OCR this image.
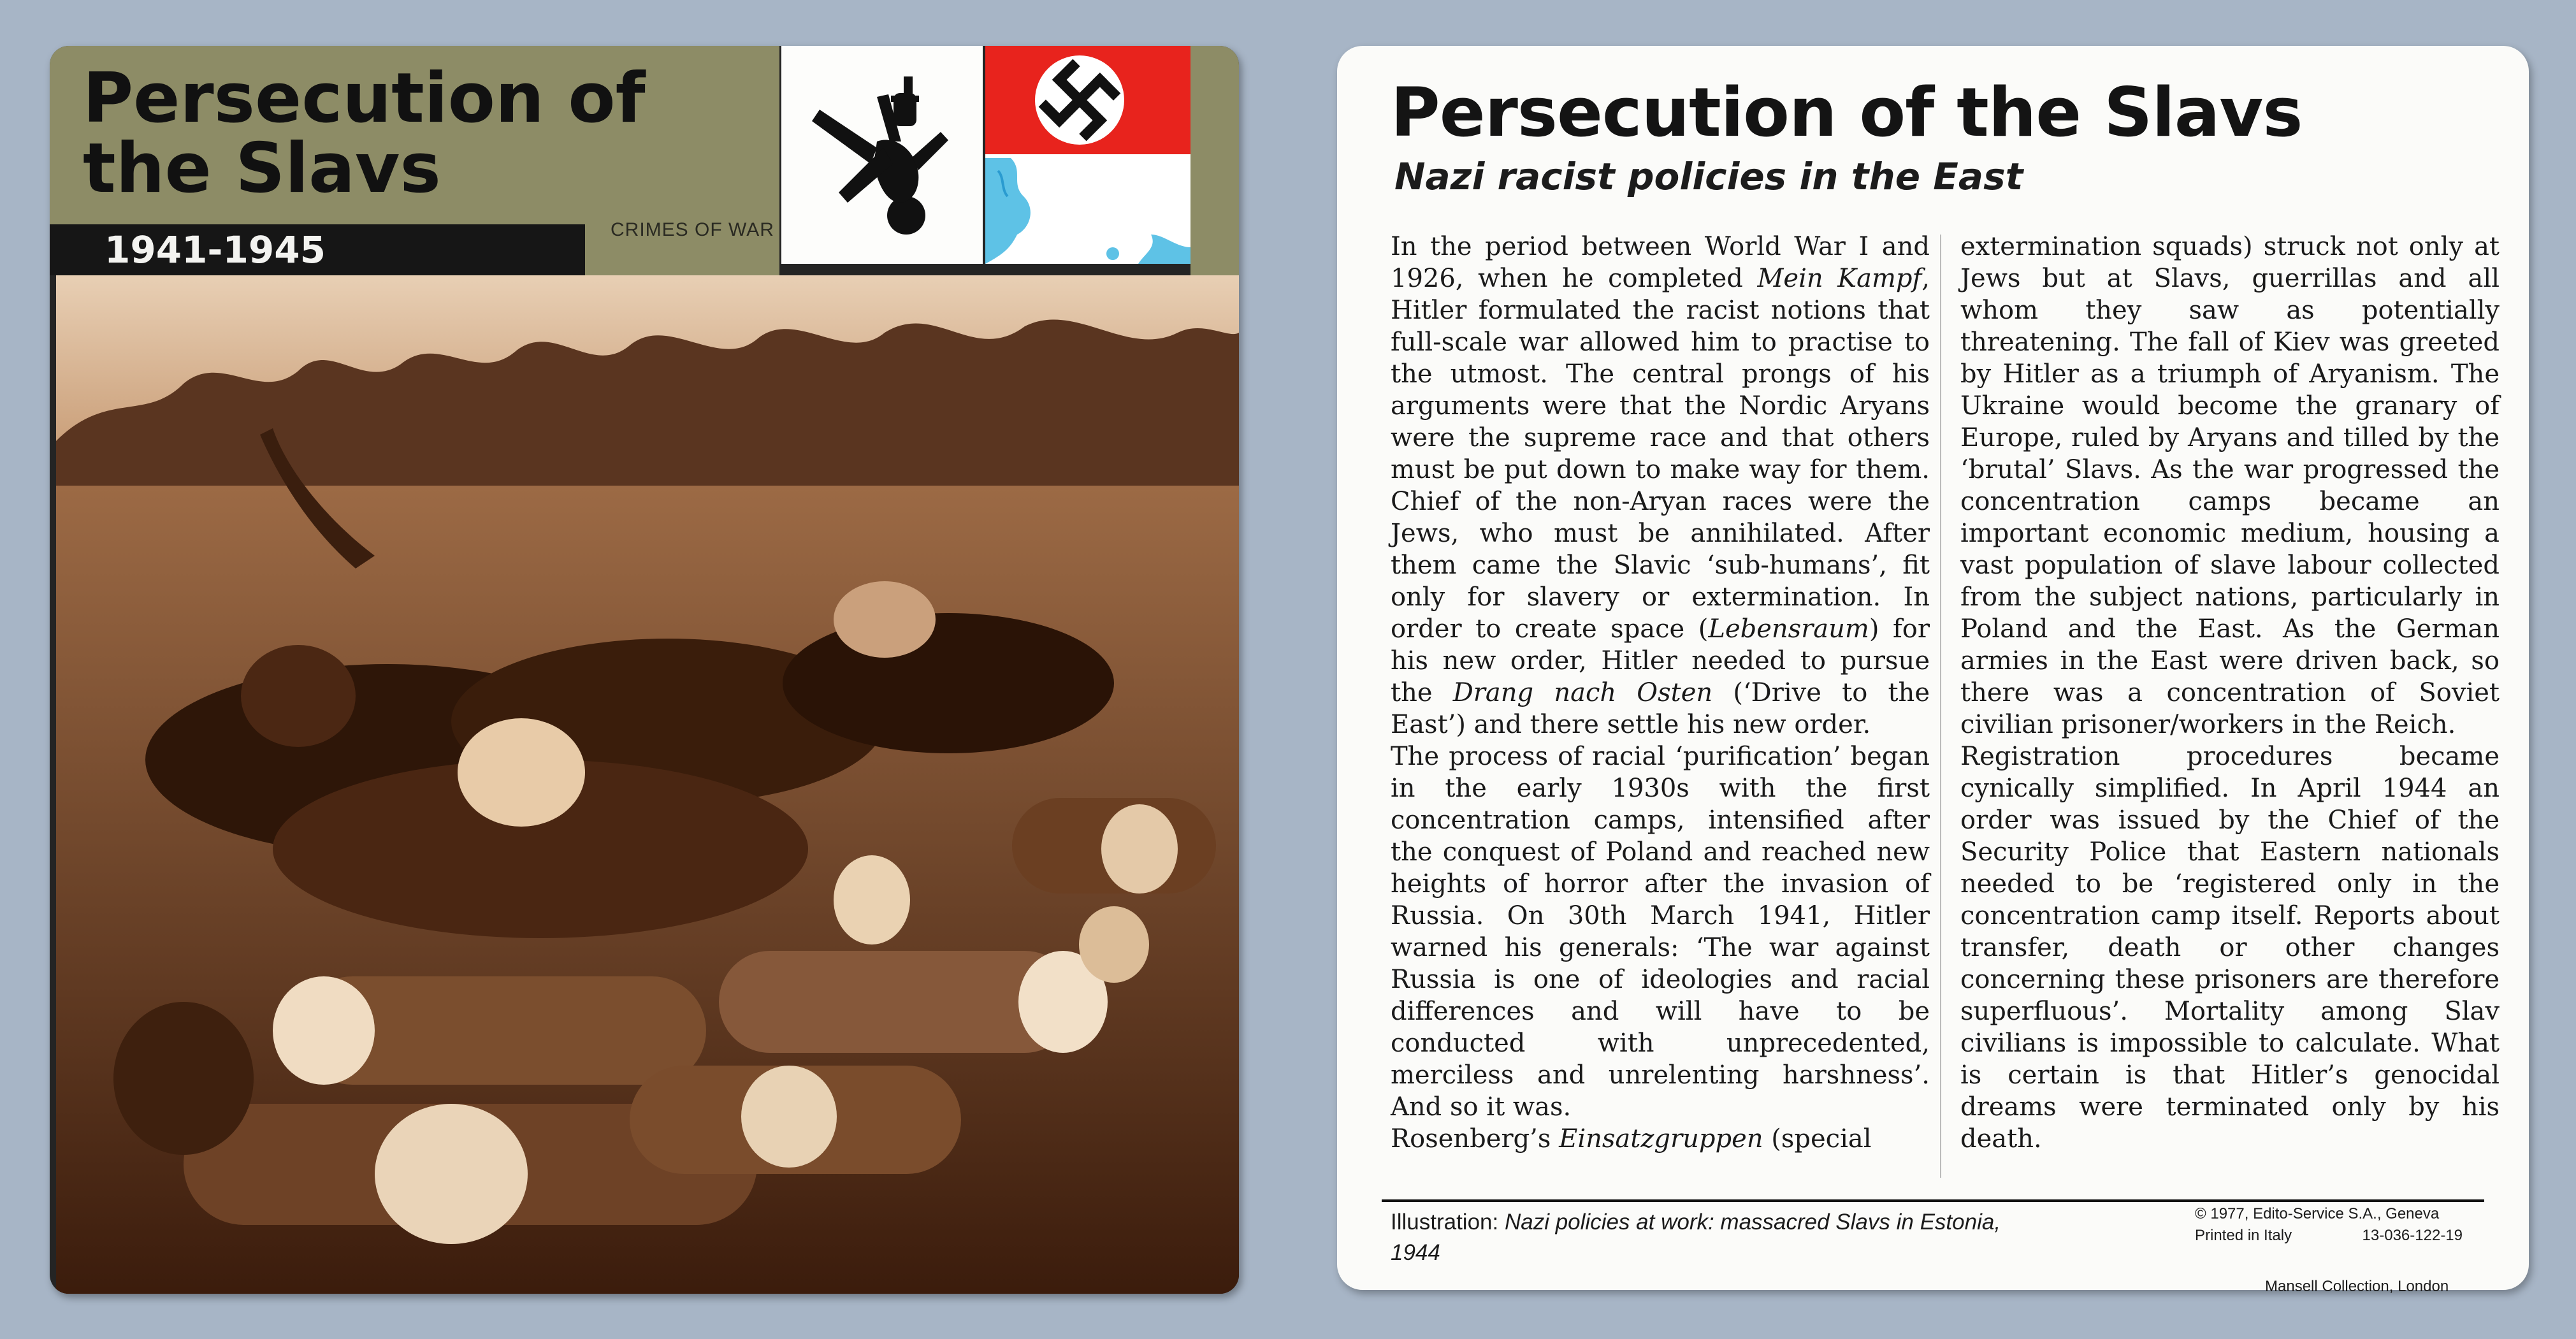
Persecution of
the Slavs

1941-1945	CRIMES OF WAR

Persecution of the Slavs
Nazi racist policies in the East

In the period between World War I and 1926, when he completed Mein Kampf, Hitler formulated the racist notions that full-scale war allowed him to practise to the utmost. The central prongs of his arguments were that the Nordic Aryans were the supreme race and that others must be put down to make way for them. Chief of the non-Aryan races were the Jews, who must be annihilated. After them came the Slavic ‘sub-humans’, fit only for slavery or extermination. In order to create space (Lebensraum) for his new order, Hitler needed to pursue the Drang nach Osten (‘Drive to the East’) and there settle his new order.

The process of racial ‘purification’ began in the early 1930s with the first concentration camps, intensified after the conquest of Poland and reached new heights of horror after the invasion of Russia. On 30th March 1941, Hitler warned his generals: ‘The war against Russia is one of ideologies and racial differences and will have to be conducted with unprecedented, merciless and unrelenting harshness’. And so it was.

Rosenberg’s Einsatzgruppen (special

extermination squads) struck not only at Jews but at Slavs, guerrillas and all whom they saw as potentially threatening. The fall of Kiev was greeted by Hitler as a triumph of Aryanism. The Ukraine would become the granary of Europe, ruled by Aryans and tilled by the ‘brutal’ Slavs. As the war progressed the concentration camps became an important economic medium, housing a vast population of slave labour collected from the subject nations, particularly in Poland and the East. As the German armies in the East were driven back, so there was a concentration of Soviet civilian prisoner/workers in the Reich.

Registration procedures became cynically simplified. In April 1944 an order was issued by the Chief of the Security Police that Eastern nationals needed to be ‘registered only in the concentration camp itself. Reports about transfer, death or other changes concerning these prisoners are therefore superfluous’. Mortality among Slav civilians is impossible to calculate. What is certain is that Hitler’s genocidal dreams were terminated only by his death.

Illustration: Nazi policies at work: massacred Slavs in Estonia, 1944

© 1977, Edito-Service S.A., Geneva
Printed in Italy	13-036-122-19
Mansell Collection, London
